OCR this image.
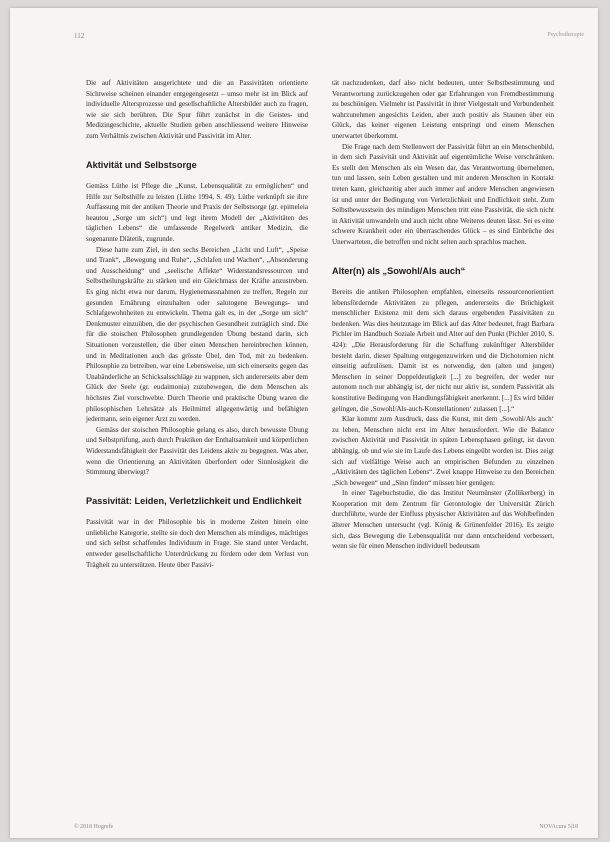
112	Psychotherapie

Die auf Aktivitäten ausgerichtete und die an Passivitäten orientierte Sichtweise scheinen einander entgegengesetzt – umso mehr ist im Blick auf individuelle Altersprozesse und gesellschaftliche Altersbilder auch zu fragen, wie sie sich berühren. Die Spur führt zunächst in die Geistes- und Medizingeschichte, aktuelle Studien geben anschliessend weitere Hinweise zum Verhältnis zwischen Aktivität und Passivität im Alter.

Aktivität und Selbstsorge

Gemäss Lüthe ist Pflege die „Kunst, Lebensqualität zu ermöglichen“ und Hilfe zur Selbsthilfe zu leisten (Lüthe 1994, S. 49). Lüthe verknüpft sie ihre Auffassung mit der antiken Theorie und Praxis der Selbstsorge (gr. epimeleia heautou „Sorge um sich“) und legt ihrem Modell der „Aktivitäten des täglichen Lebens“ die umfassende Regelwerk antiker Medizin, die sogenannte Diätetik, zugrunde.

Diese hatte zum Ziel, in den sechs Bereichen „Licht und Luft“, „Speise und Trank“, „Bewegung und Ruhe“, „Schlafen und Wachen“, „Absonderung und Ausscheidung“ und „seelische Affekte“ Widerstandsressourcen und Selbstheilungskräfte zu stärken und ein Gleichmass der Kräfte anzustreben. Es ging nicht etwa nur darum, Hygienemassnahmen zu treffen, Regeln zur gesunden Ernährung einzuhalten oder salutogene Bewegungs- und Schlafgewohnheiten zu entwickeln. Thema galt es, in der „Sorge um sich“ Denkmuster einzuüben, die der psychischen Gesundheit zuträglich sind. Die für die stoischen Philosophen grundlegenden Übung bestand darin, sich Situationen vorzustellen, die über einen Menschen hereinbrechen können, und in Meditationen auch das grösste Übel, den Tod, mit zu bedenken. Philosophie zu betreiben, war eine Lebensweise, um sich einerseits gegen das Unabänderliche an Schicksalsschläge zu wappnen, sich andererseits aber dem Glück der Seele (gr. eudaimonia) zuzubewegen, die dem Menschen als höchstes Ziel vorschwebte. Durch Theorie und praktische Übung waren die philosophischen Lehrsätze als Heilmittel allgegenwärtig und befähigten jedermann, sein eigener Arzt zu werden.

Gemäss der stoischen Philosophie gelang es also, durch bewusste Übung und Selbstprüfung, auch durch Praktiken der Enthaltsamkeit und körperlichen Widerstandsfähigkeit der Passivität des Leidens aktiv zu begegnen. Was aber, wenn die Orientierung an Aktivitäten überfordert oder Sinnlosigkeit die Stimmung überwiegt?

Passivität: Leiden, Verletzlichkeit und Endlichkeit

Passivität war in der Philosophie bis in moderne Zeiten hinein eine unliebliche Kategorie, stellte sie doch den Menschen als mündiges, mächtiges und sich selbst schaffendes Individuum in Frage. Sie stand unter Verdacht, entweder gesellschaftliche Unterdrückung zu fördern oder dem Verlust von Trägheit zu unterstützen. Heute über Passivi-

tät nachzudenken, darf also nicht bedeuten, unter Selbstbestimmung und Verantwortung zurückzugehen oder gar Erfahrungen von Fremdbestimmung zu beschönigen. Vielmehr ist Passivität in ihrer Vielgestalt und Verbundenheit wahrzunehmen angesichts Leiden, aber auch positiv als Staunen über ein Glück, das keiner eigenen Leistung entspringt und einem Menschen unerwartet überkommt.

Die Frage nach dem Stellenwert der Passivität führt an ein Menschenbild, in dem sich Passivität und Aktivität auf eigentümliche Weise verschränken. Es stellt den Menschen als ein Wesen dar, das Verantwortung übernehmen, tun und lassen, sein Leben gestalten und mit anderen Menschen in Kontakt treten kann, gleichzeitig aber auch immer auf andere Menschen angewiesen ist und unter der Bedingung von Verletzlichkeit und Endlichkeit steht. Zum Selbstbewusstsein des mündigen Menschen tritt eine Passivität, die sich nicht in Aktivität umwandeln und auch nicht ohne Weiteres deuten lässt. Sei es eine schwere Krankheit oder ein überraschendes Glück – es sind Einbrüche des Unerwarteten, die betroffen und nicht selten auch sprachlos machen.

Alter(n) als „Sowohl/Als auch“

Bereits die antiken Philosophen empfahlen, einerseits ressourcenorientiert lebensfördernde Aktivitäten zu pflegen, andererseits die Brüchigkeit menschlicher Existenz mit dem sich daraus ergebenden Passivitäten zu bedenken. Was dies heutzutage im Blick auf das Alter bedeutet, fragt Barbara Pichler im Handbuch Soziale Arbeit und Alter auf den Punkt (Pichler 2010, S. 424): „Die Herausforderung für die Schaffung zukünftiger Altersbilder besteht darin, dieser Spaltung entgegenzuwirken und die Dichotomien nicht einseitig aufzulösen. Damit ist es notwendig, den (alten und jungen) Menschen in seiner Doppeldeutigkeit [...] zu begreifen, der weder nur autonom noch nur abhängig ist, der nicht nur aktiv ist, sondern Passivität als konstitutive Bedingung von Handlungsfähigkeit anerkennt. [...] Es wird bilder gelingen, die ‚Sowohl/Als-auch-Konstellationen‘ zulassen [...].“

Klar kommt zum Ausdruck, dass die Kunst, mit dem ‚Sowohl/Als auch‘ zu leben, Menschen nicht erst im Alter herausfordert. Wie die Balance zwischen Aktivität und Passivität in späten Lebensphasen gelingt, ist davon abhängig, ob und wie sie im Laufe des Lebens eingeübt worden ist. Dies zeigt sich auf vielfältige Weise auch an empirischen Befunden zu einzelnen „Aktivitäten des täglichen Lebens“. Zwei knappe Hinweise zu den Bereichen „Sich bewegen“ und „Sinn finden“ müssen hier genügen:

In einer Tagebuchstudie, die das Institut Neumünster (Zollikerberg) in Kooperation mit dem Zentrum für Gerontologie der Universität Zürich durchführte, wurde der Einfluss physischer Aktivitäten auf das Wohlbefinden älterer Menschen untersucht (vgl. König & Grünenfelder 2016). Es zeigte sich, dass Bewegung die Lebensqualität nur dann entscheidend verbessert, wenn sie für einen Menschen individuell bedeutsam

© 2018 Hogrefe	NOVAcura 5|18
